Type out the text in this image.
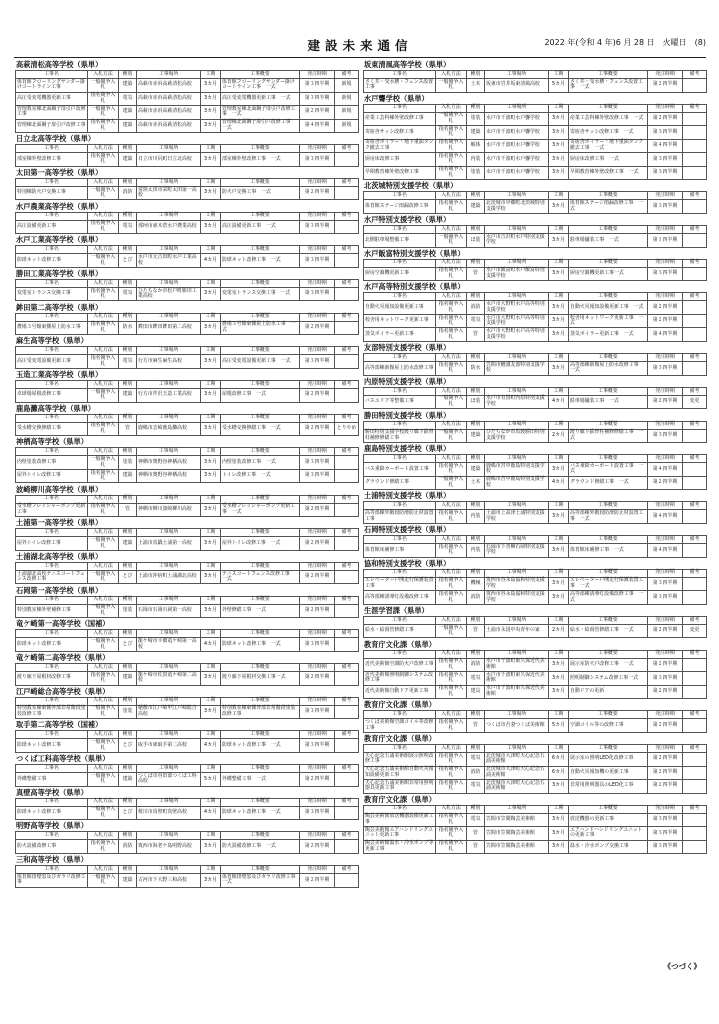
建設未来通信	2022 年(令和 4 年)6 月 28 日　火曜日　(8)
高萩清松高等学校（県単）
工事名	入札方法	種別	工事場所	工期	工事概要	発注時期	備考
体育館フローリングサンダー掛けコートライン工事	一般競争入札	建築	高萩市赤浜高萩清松高校	3カ月	体育館フローリングサンダー掛けコートライン工事　一式	第３四半期	新規
高圧受変電機器更新工事	指名競争入札	電気	高萩市赤浜高萩清松高校	3カ月	高圧受変電機器更新工事　一式	第３四半期	新規
管理教室棟北面鋼子扉引戸改修工事	一般競争入札	建築	高萩市赤浜高萩清松高校	3カ月	管理教室棟北面鋼子扉引戸改修工事　一式	第２四半期	新規
管理棟北面鋼子扉引戸改修工事	指名競争入札	建築	高萩市赤浜高萩清松高校	3カ月	管理棟北面鋼子扉引戸改修工事　一式	第４四半期	新規
日立北高等学校（県単）
工事名	入札方法	種別	工事場所	工期	工事概要	発注時期	備考
部室棟外壁改修工事	指名競争入札	建築	日立市川尻町日立北高校	3カ月	部室棟外壁改修工事　一式	第３四半期	
太田第一高等学校（県単）
工事名	入札方法	種別	工事場所	工期	工事概要	発注時期	備考
特別棟防火戸交換工事	一般競争入札	消防	常陸太田市栄町太田第一高校	3カ月	防火戸交換工事　一式	第２四半期	
水戸農業高等学校（県単）
工事名	入札方法	種別	工事場所	工期	工事概要	発注時期	備考
高圧設備更新工事	指名競争入札	電気	那珂市東木倉水戸農業高校	3カ月	高圧設備更新工事　一式	第３四半期	
水戸工業高等学校（県単）
工事名	入札方法	種別	工事場所	工期	工事概要	発注時期	備考
防球ネット改修工事	一般競争入札	とび	水戸市元吉田町水戸工業高校	4カ月	防球ネット改修工事　一式	第３四半期	
勝田工業高等学校（県単）
工事名	入札方法	種別	工事場所	工期	工事概要	発注時期	備考
変電室トランス交換工事	指名競争入札	電気	ひたちなか市松戸町勝田工業高校	3カ月	変電室トランス交換工事　一式	第３四半期	
鉾田第二高等学校（県単）
工事名	入札方法	種別	工事場所	工期	工事概要	発注時期	備考
農場３号館東側屋上防水工事	指名競争入札	防水	鉾田市鉾田鉾田第二高校	3カ月	農場３号館東側屋上防水工事　一式	第２四半期	
麻生高等学校（県単）
工事名	入札方法	種別	工事場所	工期	工事概要	発注時期	備考
高圧受変電設備更新工事	指名競争入札	電気	行方市麻生麻生高校	3カ月	高圧受変電設備更新工事　一式	第３四半期	
玉造工業高等学校（県単）
工事名	入札方法	種別	工事場所	工期	工事概要	発注時期	備考
卓球場屋根改修工事	一般競争入札	建築	行方市芹沢玉造工業高校	3カ月	屋根改修工事　一式	第２四半期	
鹿島灘高等学校（県単）
工事名	入札方法	種別	工事場所	工期	工事概要	発注時期	備考
受水槽交換修繕工事	指名競争入札	管	鹿嶋市志崎鹿島灘高校	3カ月	受水槽交換修繕工事　一式	第２四半期	とりやめ
神栖高等学校（県単）
工事名	入札方法	種別	工事場所	工期	工事概要	発注時期	備考
内壁塗装改修工事	一般競争入札	塗装	神栖市奥野谷神栖高校	3カ月	内壁塗装改修工事　一式	第３四半期	
屋外トイレ改修工事	指名競争入札	建築	神栖市奥野谷神栖高校	3カ月	トイレ改修工事　一式	第３四半期	
波崎柳川高等学校（県単）
工事名	入札方法	種別	工事場所	工期	工事概要	発注時期	備考
受水槽フレッシャーポンプ更新工事	指名競争入札	管	神栖市柳川波崎柳川高校	3カ月	受水槽フレッシャーポンプ更新工事　一式	第２四半期	
土浦第一高等学校（県単）
工事名	入札方法	種別	工事場所	工期	工事概要	発注時期	備考
屋外トイレ改修工事	一般競争入札	建築	土浦市真鍋土浦第一高校	3カ月	屋外トイレ改修工事　一式	第２四半期	
土浦湖北高等学校（県単）
工事名	入札方法	種別	工事場所	工期	工事概要	発注時期	備考
土浦湖北高校テニスコートフェンス改修工事	一般競争入札	とび	土浦市沖宿町土浦湖北高校	3カ月	テニスコートフェンス改修工事　一式	第２四半期	
石岡第一高等学校（県単）
工事名	入札方法	種別	工事場所	工期	工事概要	発注時期	備考
特別教室棟外壁補修工事	一般競争入札	塗装	石岡市石岡石岡第一高校	3カ月	外壁修繕工事　一式	第２四半期	
竜ケ崎第一高等学校（国補）
工事名	入札方法	種別	工事場所	工期	工事概要	発注時期	備考
防球ネット改修工事	一般競争入札	とび	龍ケ崎市平畑竜ケ崎第一高校	4カ月	防球ネット改修工事　一式	第３四半期	
竜ケ崎第二高等学校（県単）
工事名	入札方法	種別	工事場所	工期	工事概要	発注時期	備考
渡り廊下屋根材改修工事	指名競争入札	建築	龍ケ崎市佐貫竜ケ崎第二高校	3カ月	渡り廊下屋根材交換工事一式	第２四半期	
江戸崎総合高等学校（県単）
工事名	入札方法	種別	工事場所	工期	工事概要	発注時期	備考
特別教室棟東側外部非常階段塗装改修工事	一般競争入札	塗装	稲敷市江戸崎甲江戸崎総合高校	3カ月	特別教室棟東側外部非常階段塗装改修工事	第３四半期	
取手第二高等学校（国補）
工事名	入札方法	種別	工事場所	工期	工事概要	発注時期	備考
防球ネット改修工事	一般競争入札	とび	取手市東取手第二高校	4カ月	防球ネット改修工事　一式	第３四半期	
つくば工科高等学校（県単）
工事名	入札方法	種別	工事場所	工期	工事概要	発注時期	備考
外構整備工事	一般競争入札	建築	つくば市谷田部つくば工科高校	5カ月	外構整備工事　一式	第２四半期	
真壁高等学校（県単）
工事名	入札方法	種別	工事場所	工期	工事概要	発注時期	備考
防球ネット改修工事	一般競争入札	とび	桜川市真壁町真壁高校	4カ月	防球ネット改修工事　一式	第３四半期	
明野高等学校（県単）
工事名	入札方法	種別	工事場所	工期	工事概要	発注時期	備考
防火設備改修工事	指名競争入札	消防	筑西市海老ケ島明野高校	3カ月	防火設備改修工事　一式	第２四半期	
三和高等学校（県単）
工事名	入札方法	種別	工事場所	工期	工事概要	発注時期	備考
体育館排煙窓及びガラリ改修工事	一般競争入札	建築	古河市下大野三和高校	3カ月	体育館排煙窓及びガラリ改修工事　一式	第２四半期	
坂東清風高等学校（県単）
工事名	入札方法	種別	工事場所	工期	工事概要	発注時期	備考
さく井・受水槽・フェンス設置工事	一般競争入札	土木	坂東市岩井坂東清風高校	5カ月	さく井・受水槽・フェンス設置工事　一式	第２四半期	
水戸聾学校（県単）
工事名	入札方法	種別	工事場所	工期	工事概要	発注時期	備考
産業工芸科棟外壁改修工事	一般競争入札	塗装	水戸市千波町水戸聾学校	3カ月	産業工芸科棟外壁改修工事　一式	第２四半期	
寄宿舎サッシ改修工事	指名競争入札	建築	水戸市千波町水戸聾学校	3カ月	寄宿舎サッシ改修工事　一式	第３四半期	
寄宿舎ボイラー・地下重油タンク撤去工事	指名競争入札	解体	水戸市千波町水戸聾学校	3カ月	寄宿舎ボイラー・地下重油タンク撤去工事　一式	第４四半期	
厨房床改修工事	指名競争入札	内装	水戸市千波町水戸聾学校	3カ月	厨房床改修工事　一式	第３四半期	
早期教育棟外壁改修工事	指名競争入札	塗装	水戸市千波町水戸聾学校	3カ月	早期教育棟外壁改修工事　一式	第３四半期	
北茨城特別支援学校（県単）
工事名	入札方法	種別	工事場所	工期	工事概要	発注時期	備考
体育館ステージ雨漏改修工事	指名競争入札	建築	北茨城市中郷町北茨城特別支援学校	3カ月	体育館ステージ雨漏改修工事　一式	第３四半期	
水戸特別支援学校（県単）
工事名	入札方法	種別	工事場所	工期	工事概要	発注時期	備考
北側駐車場整備工事	一般競争入札	ほ装	水戸市吉沢町水戸特別支援学校	3カ月	駐車場舗装工事　一式	第１四半期	
水戸飯富特別支援学校（県単）
工事名	入札方法	種別	工事場所	工期	工事概要	発注時期	備考
厨房空調機更新工事	指名競争入札	管	水戸市飯富町水戸飯富特別支援学校	3カ月	厨房空調機更新工事一式	第３四半期	
水戸高等特別支援学校（県単）
工事名	入札方法	種別	工事場所	工期	工事概要	発注時期	備考
自動火災報知設備更新工事	指名競争入札	消防	水戸市大野町水戸高等特別支援学校	3カ月	自動火災報知設備更新工事　一式	第２四半期	
校舎用ネットワーク更新工事	指名競争入札	電気	水戸市大野町水戸高等特別支援学校	3カ月	校舎用ネットワーク更新工事　一式	第２四半期	
蒸気ボイラー更新工事	指名競争入札	管	水戸市大野町水戸高等特別支援学校	3カ月	蒸気ボイラー更新工事　一式	第４四半期	
友部特別支援学校（県単）
工事名	入札方法	種別	工事場所	工期	工事概要	発注時期	備考
高等部棟新館屋上防水改修工事	指名競争入札	防水	笠間市鯉淵友部特別支援学校	3カ月	高等部棟新館屋上防水改修工事　一式	第３四半期	
内原特別支援学校（県単）
工事名	入札方法	種別	工事場所	工期	工事概要	発注時期	備考
バスエリア等整備工事	一般競争入札	ほ装	水戸市有賀町内原特別支援学校	4カ月	駐車場舗装工事　一式	第２四半期	変更
勝田特別支援学校（県単）
工事名	入札方法	種別	工事場所	工期	工事概要	発注時期	備考
勝田特別支援学校渡り廊下鉄骨柱補修修繕工事	一般競争入札	建築	ひたちなか市馬渡勝田特別支援学校	2カ月	渡り廊下鉄骨柱補修修繕工事　一式	第３四半期	
鹿島特別支援学校（県単）
工事名	入札方法	種別	工事場所	工期	工事概要	発注時期	備考
バス乗降カーポート設置工事	指名競争入札	建築	鹿嶋市宮中鹿島特別支援学校	3カ月	バス乗降カーポート設置工事　一式	第４四半期	
グラウンド修繕工事	一般競争入札	土木	鹿嶋市宮中鹿島特別支援学校	4カ月	グラウンド修繕工事　一式	第２四半期	
土浦特別支援学校（県単）
工事名	入札方法	種別	工事場所	工期	工事概要	発注時期	備考
高等部棟外階段防滑防止材設置工事	指名競争入札	内装	土浦市上高津土浦特別支援学校	3カ月	高等部棟外階段防滑防止材設置工事　一式	第４四半期	
石岡特別支援学校（県単）
工事名	入札方法	種別	工事場所	工期	工事概要	発注時期	備考
体育館床補修工事	指名競争入札	内装	石岡市下青柳石岡特別支援学校	3カ月	体育館床補修工事　一式	第４四半期	
協和特別支援学校（県単）
工事名	入札方法	種別	工事場所	工期	工事概要	発注時期	備考
エレベーター戸開走行保護装置工事	指名競争入札	機械	筑西市谷永島協和特別支援学校	3カ月	エレベーター戸開走行保護装置工事　一式	第３四半期	
高等部棟誘導灯設備改修工事	指名競争入札	消防	筑西市谷永島協和特別支援学校	3カ月	高等部棟誘導灯設備改修工事　一式	第３四半期	
生涯学習課（県単）
工事名	入札方法	種別	工事場所	工期	工事概要	発注時期	備考
給水・給湯管修繕工事	一般競争入札	管	土浦市永国中央青年の家	2カ月	給水・給湯管修繕工事　一式	第２四半期	変更
教育庁文化課（県単）
工事名	入札方法	種別	工事場所	工期	工事概要	発注時期	備考
近代美術館空調防火戸改修工事	指名競争入札	消防	水戸市千波町東久保近代美術館	3カ月	展示室防火戸改修工事　一式	第２四半期	
近代美術館照明制御システム改修工事	指名競争入札	電気	水戸市千波町東久保近代美術館	3カ月	照明制御システム改修工事一式	第３四半期	
近代美術館自動ドア更新工事	指名競争入札	建具	水戸市千波町東久保近代美術館	3カ月	自動ドアの更新	第２四半期	
教育庁文化課（県単）
工事名	入札方法	種別	工事場所	工期	工事概要	発注時期	備考
つくば美術館空調コイル等改修工事	指名競争入札	管	つくば市吾妻つくば美術館	5カ月	空調コイル等の改修工事	第２四半期	
教育庁文化課（県単）
工事名	入札方法	種別	工事場所	工期	工事概要	発注時期	備考
天心記念五浦美術館展示照明改修工事	指名競争入札	電気	北茨城市大津町天心記念五浦美術館	6カ月	展示室の照明LED化改修工事	第２四半期	
天心記念五浦美術館自動火災報知設備更新工事	指名競争入札	消防	北茨城市大津町天心記念五浦美術館	6カ月	自動火災報知機の更新工事	第２四半期	
天心記念五浦美術館非常用照明器具更新工事	指名競争入札	電気	北茨城市大津町天心記念五浦美術館	3カ月	非常用照明器具のLED化工事	第２四半期	
教育庁文化課（県単）
工事名	入札方法	種別	工事場所	工期	工事概要	発注時期	備考
陶芸美術館放送機器設備更新工事	指名競争入札	電気	笠間市笠間陶芸美術館	3カ月	放送機器の更新工事	第３四半期	
陶芸美術館エアハンドリングユニット更新工事	指名競争入札	管	笠間市笠間陶芸美術館	3カ月	エアハンドハンドリングユニットの更新工事	第３四半期	
陶芸美術館温水・冷水ポンプ等更新工事	指名競争入札	管	笠間市笠間陶芸美術館	3カ月	温水・冷水ポンプ交換工事	第３四半期	
《つづく》
